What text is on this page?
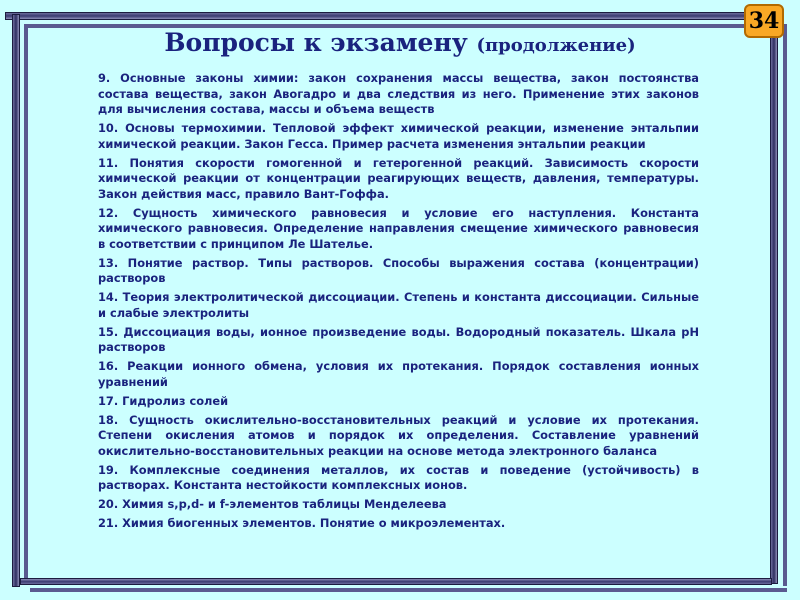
34
Вопросы к экзамену (продолжение)

9. Основные законы химии: закон сохранения массы вещества, закон постоянства состава вещества, закон Авогадро и два следствия из него. Применение этих законов для вычисления состава, массы и объема веществ

10. Основы термохимии. Тепловой эффект химической реакции, изменение энтальпии химической реакции. Закон Гесса. Пример расчета изменения энтальпии реакции

11. Понятия скорости гомогенной и гетерогенной реакций. Зависимость скорости химической реакции от концентрации реагирующих веществ, давления, температуры. Закон действия масс, правило Вант-Гоффа.

12. Сущность химического равновесия и условие его наступления. Константа химического равновесия. Определение направления смещение химического равновесия в соответствии с принципом Ле Шателье.

13. Понятие раствор. Типы растворов. Способы выражения состава (концентрации) растворов

14. Теория электролитической диссоциации. Степень и константа диссоциации. Сильные и слабые электролиты

15. Диссоциация воды, ионное произведение воды. Водородный показатель. Шкала рН растворов

16. Реакции ионного обмена, условия их протекания. Порядок составления ионных уравнений

17. Гидролиз солей

18. Сущность окислительно-восстановительных реакций и условие их протекания. Степени окисления атомов и порядок их определения. Составление уравнений окислительно-восстановительных реакции на основе метода электронного баланса

19. Комплексные соединения металлов, их состав и поведение (устойчивость) в растворах. Константа нестойкости комплексных ионов.

20. Химия s,p,d- и f-элементов таблицы Менделеева

21. Химия биогенных элементов. Понятие о микроэлементах.
